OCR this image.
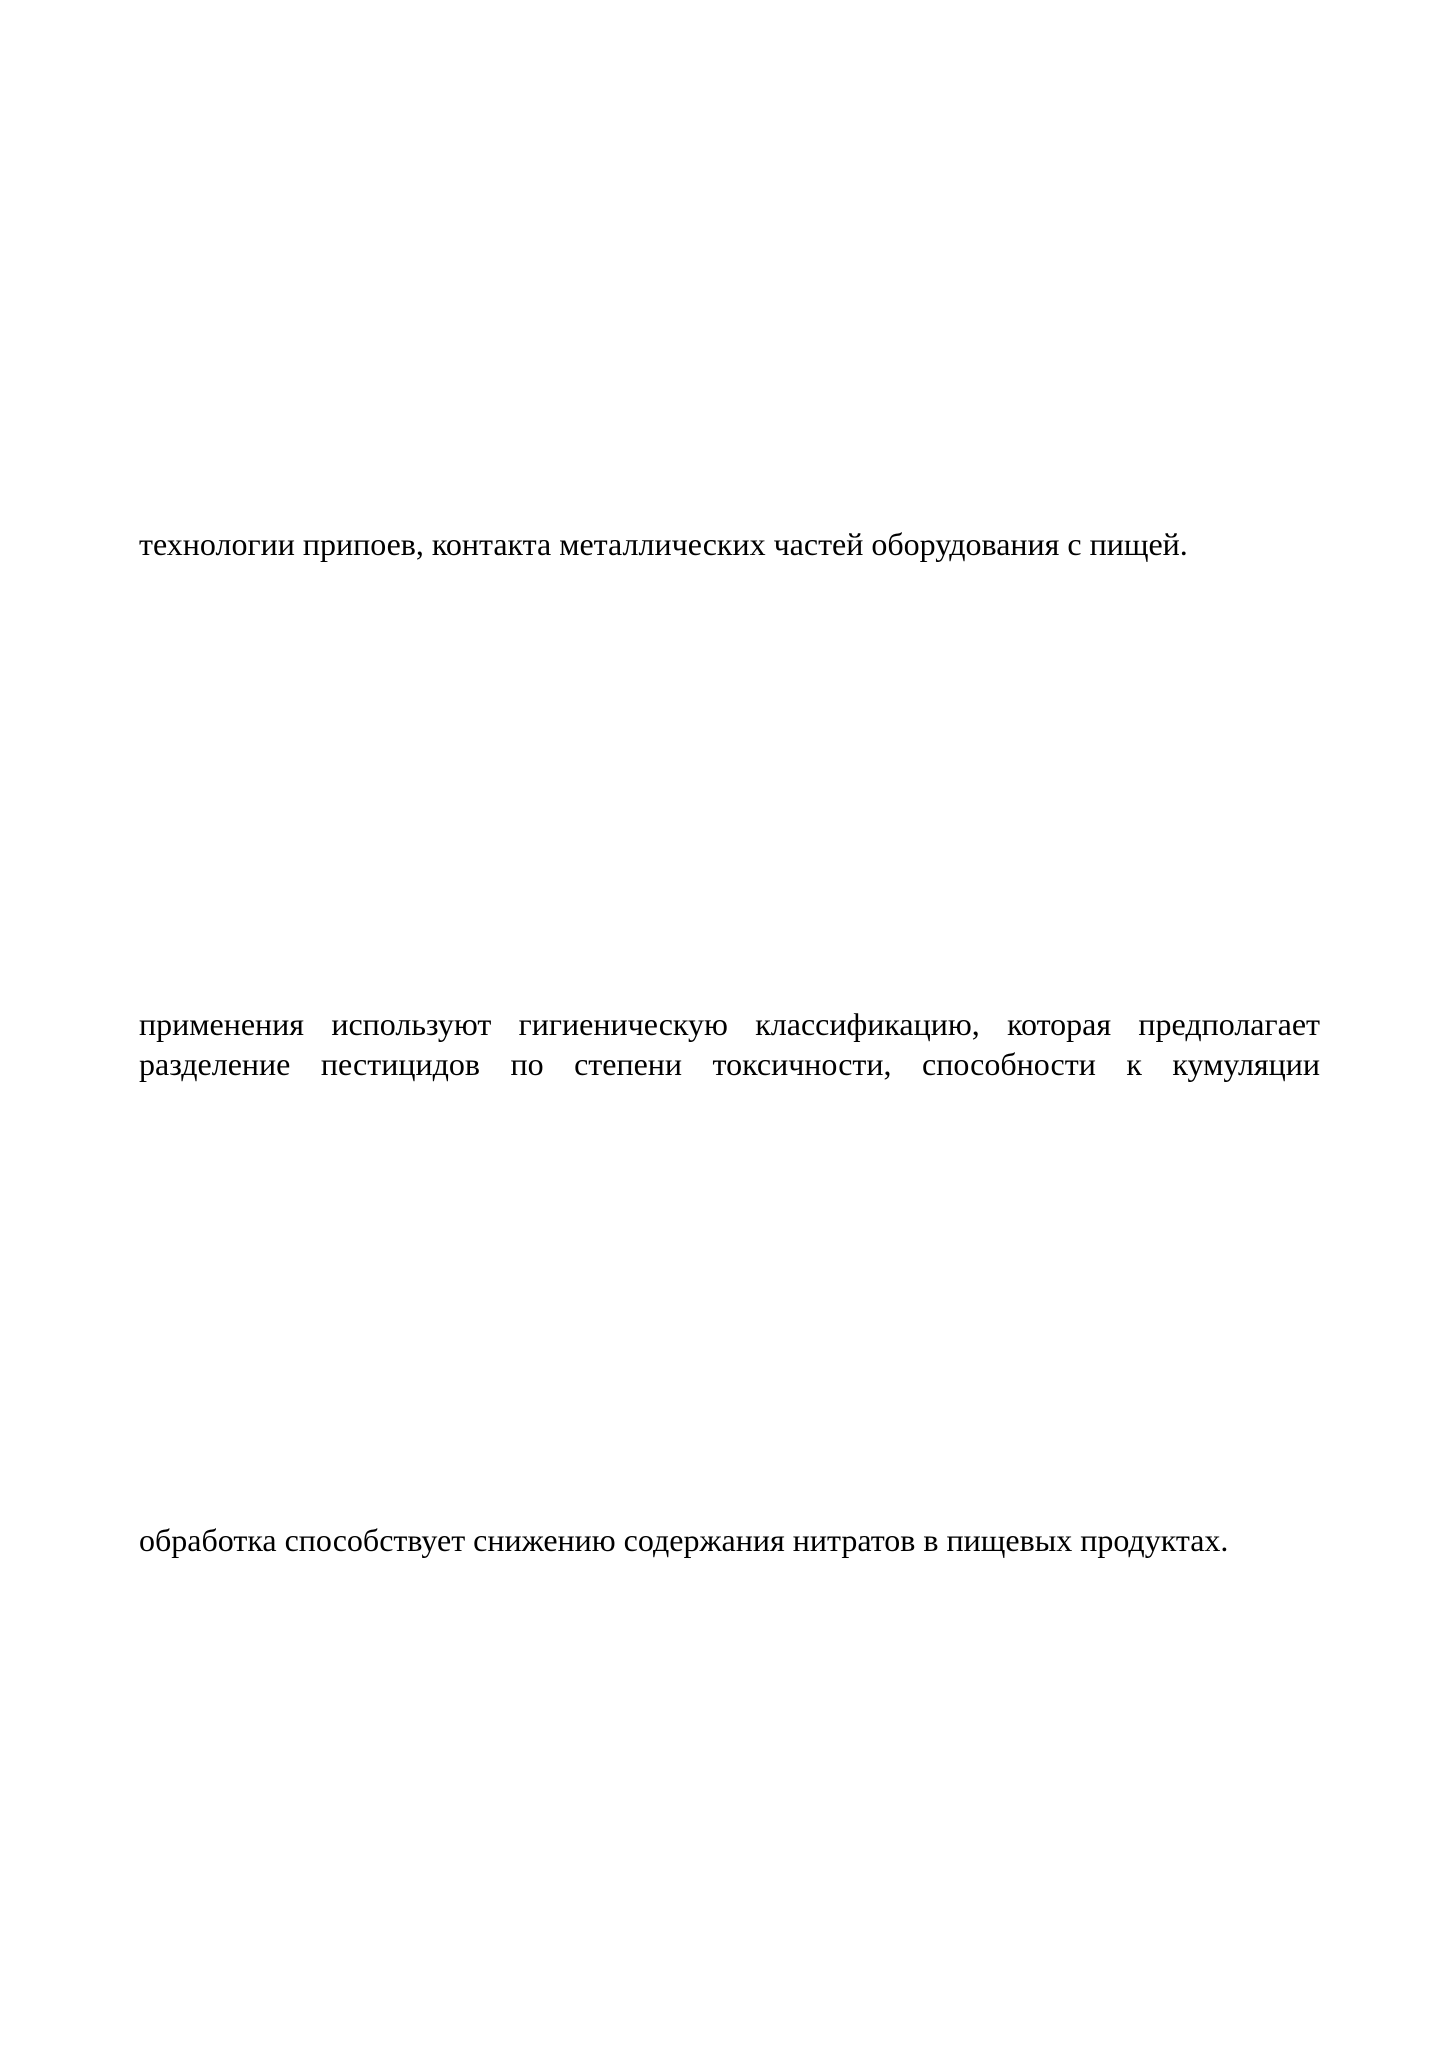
технологии припоев, контакта металлических частей оборудования с пищей.

применения используют гигиеническую классификацию, которая предполагает

разделение пестицидов по степени токсичности, способности к кумуляции

обработка способствует снижению содержания нитратов в пищевых продуктах.
